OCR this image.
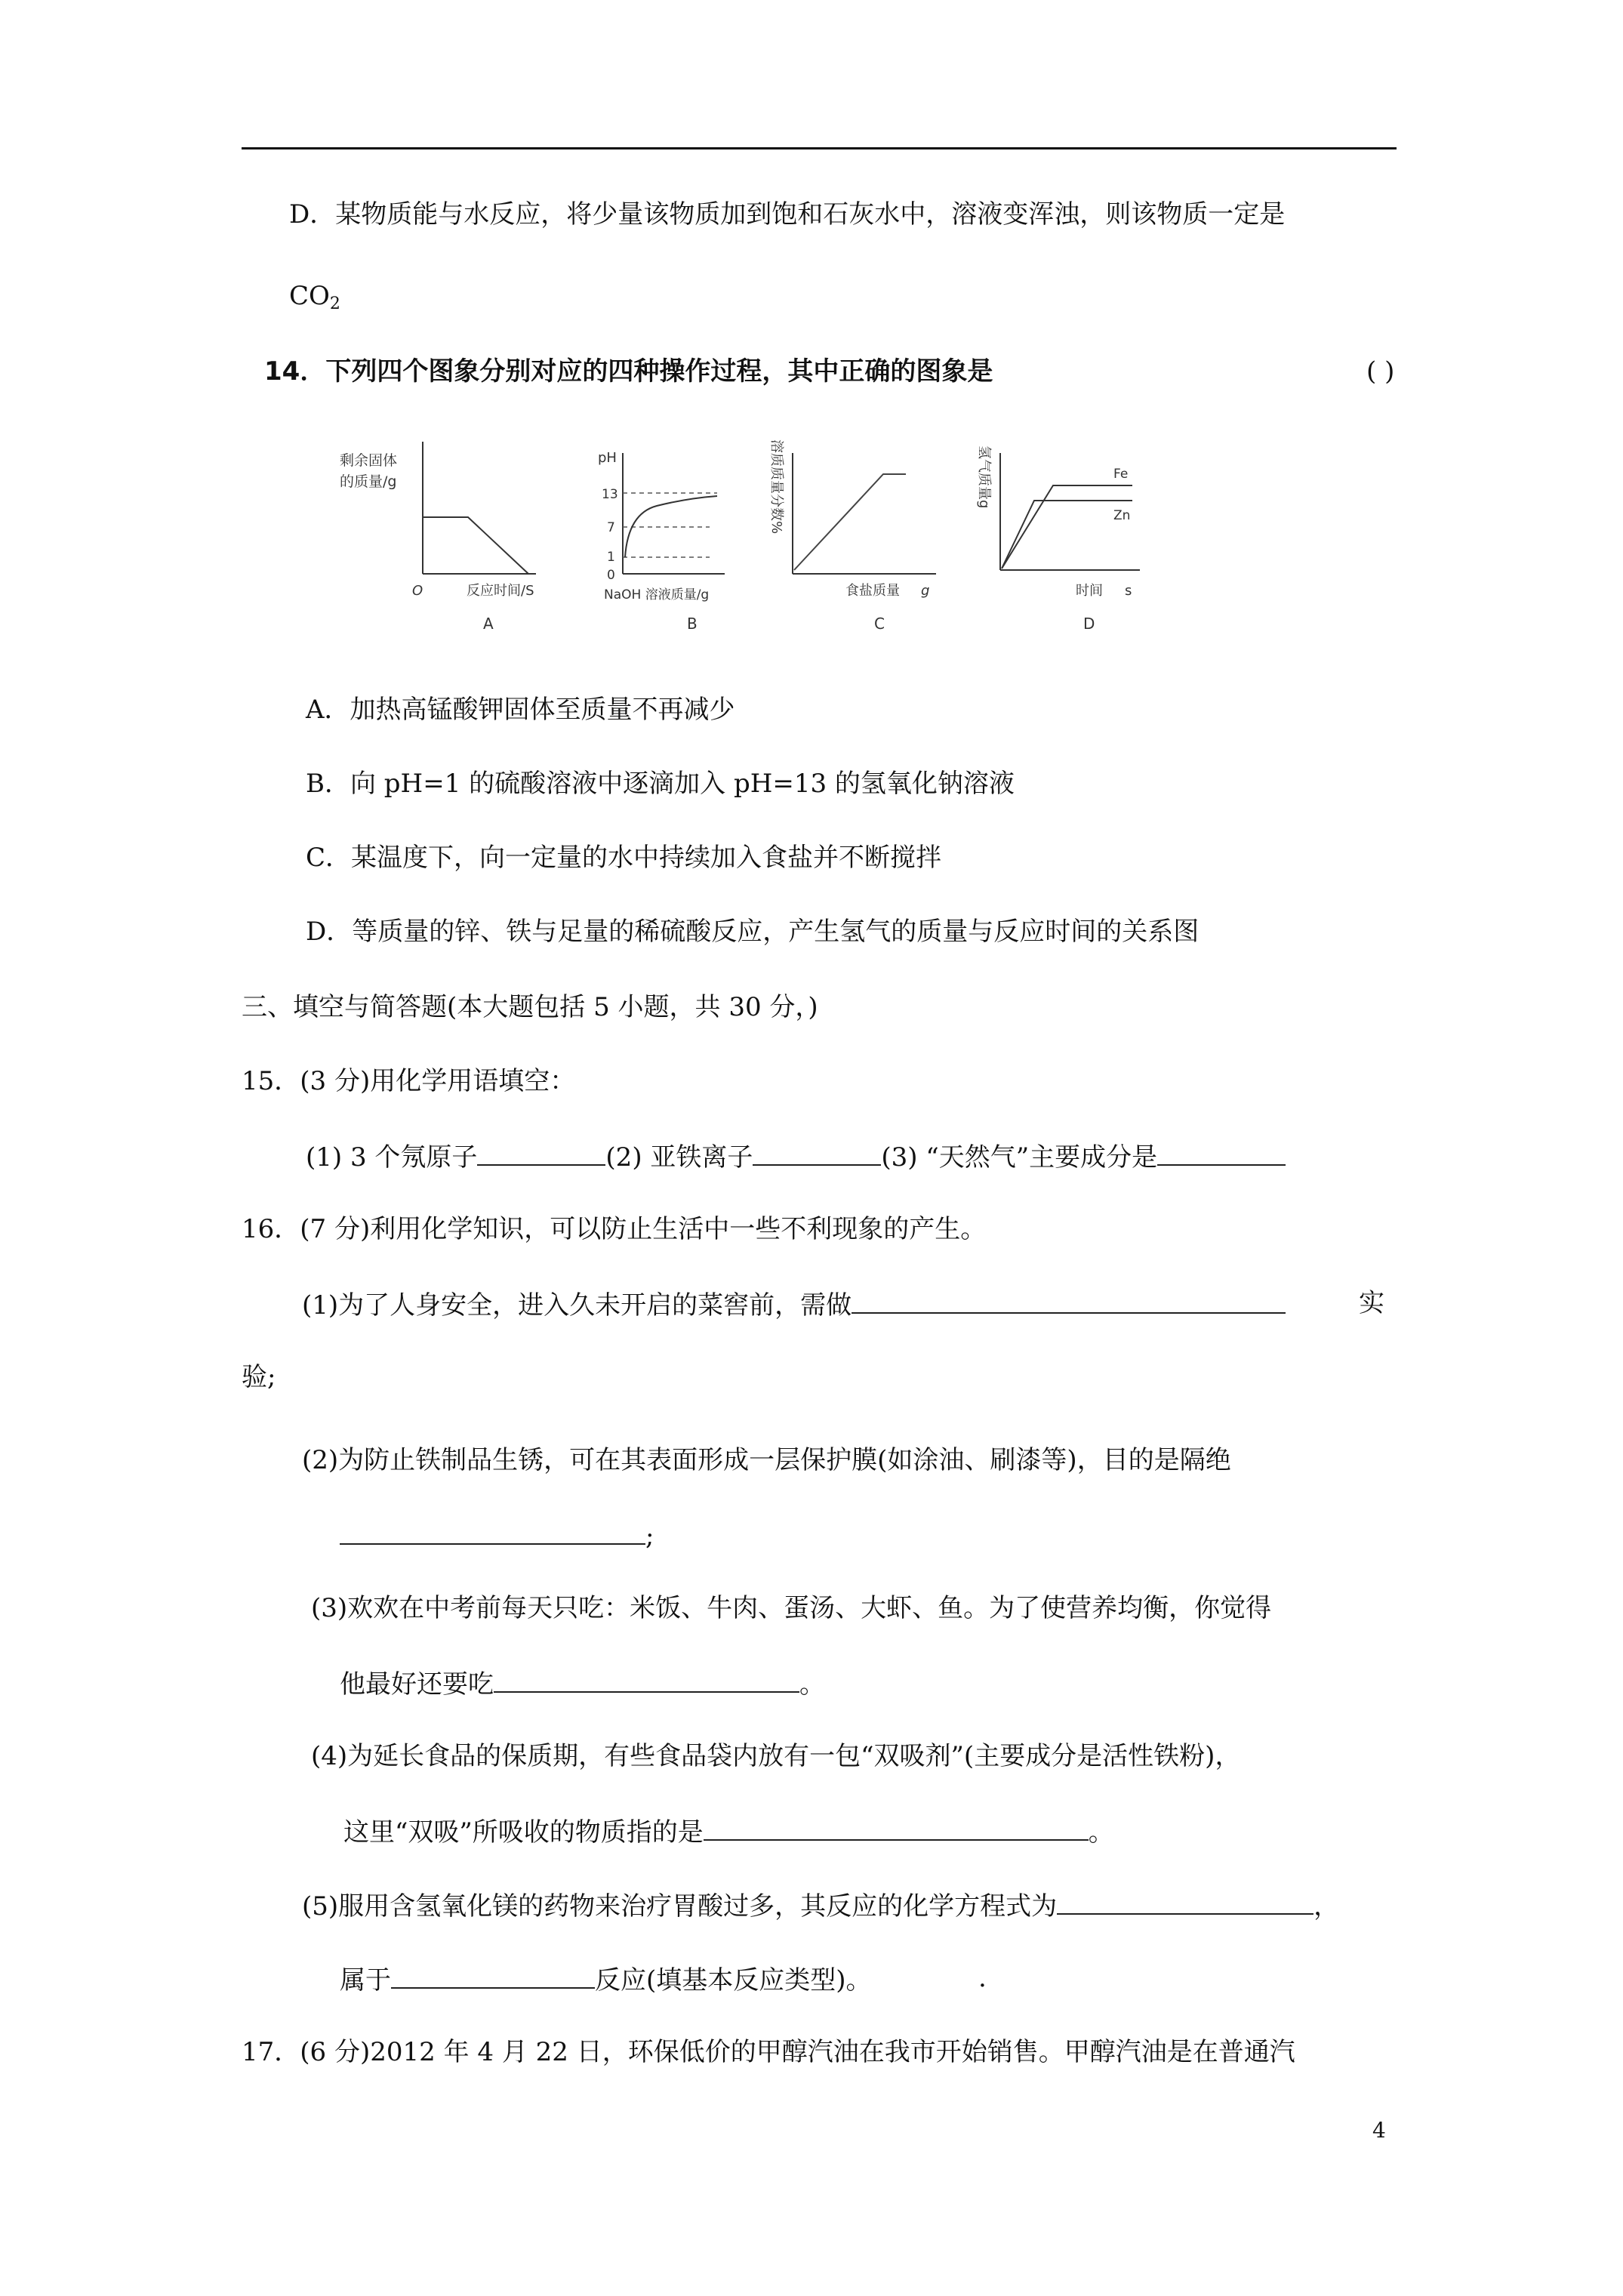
D．某物质能与水反应，将少量该物质加到饱和石灰水中，溶液变浑浊，则该物质一定是
$CO_2$
14．下列四个图象分别对应的四种操作过程，其中正确的图象是	( )
剩余固体
的质量/g
O	反应时间/S
A
pH
13
7
1
0
NaOH 溶液质量/g
B
溶质质量分数%
食盐质量 g
C
氢气质量g	Fe
Zn
时间 s
D
A．加热高锰酸钾固体至质量不再减少
B．向 pH=1 的硫酸溶液中逐滴加入 pH=13 的氢氧化钠溶液
C．某温度下，向一定量的水中持续加入食盐并不断搅拌
D．等质量的锌、铁与足量的稀硫酸反应，产生氢气的质量与反应时间的关系图
三、填空与简答题(本大题包括 5 小题，共 30 分，)
15．(3 分)用化学用语填空：
(1) 3 个氖原子	(2) 亚铁离子	(3) “天然气”主要成分是
16．(7 分)利用化学知识，可以防止生活中一些不利现象的产生。
(1)为了人身安全，进入久未开启的菜窖前，需做	实
验;
(2)为防止铁制品生锈，可在其表面形成一层保护膜(如涂油、刷漆等)，目的是隔绝
;
(3)欢欢在中考前每天只吃：米饭、牛肉、蛋汤、大虾、鱼。为了使营养均衡，你觉得
他最好还要吃	。
(4)为延长食品的保质期，有些食品袋内放有一包“双吸剂”(主要成分是活性铁粉)，
这里“双吸”所吸收的物质指的是	。
(5)服用含氢氧化镁的药物来治疗胃酸过多，其反应的化学方程式为	，
属于	反应(填基本反应类型)。	.
17．(6 分)2012 年 4 月 22 日，环保低价的甲醇汽油在我市开始销售。甲醇汽油是在普通汽
4
